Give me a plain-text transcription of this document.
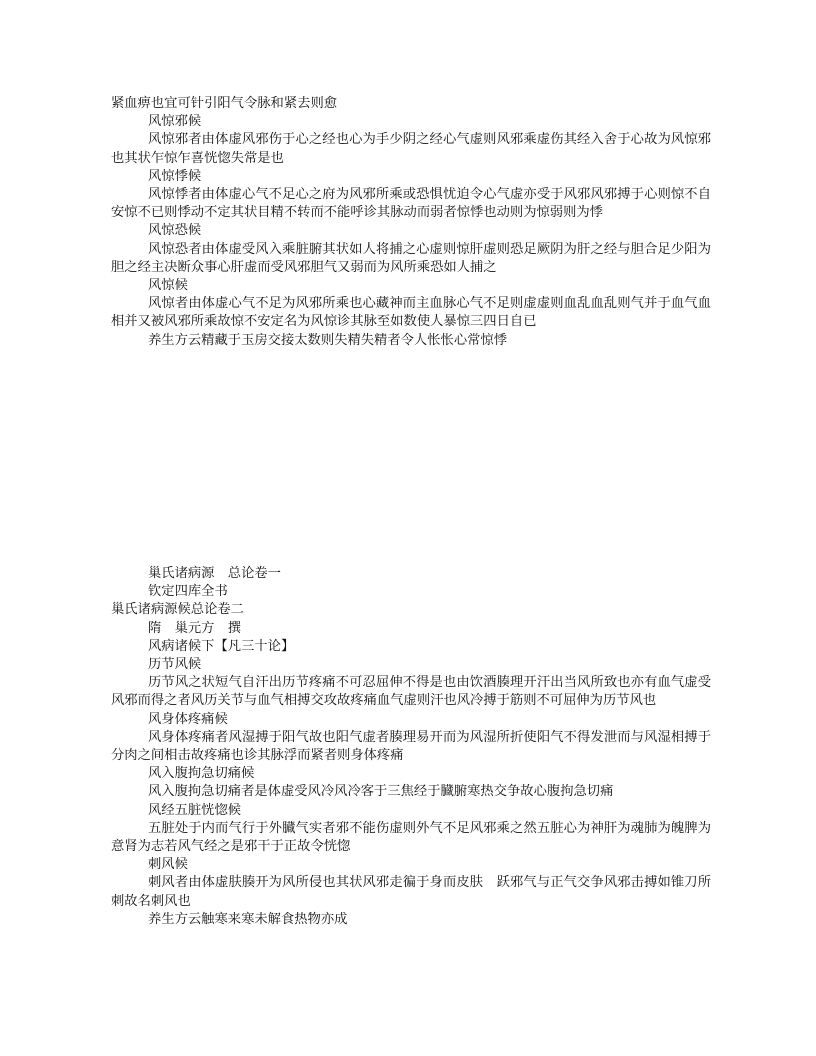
紧血痹也宜可针引阳气令脉和紧去则愈
风惊邪候
风惊邪者由体虚风邪伤于心之经也心为手少阴之经心气虚则风邪乘虚伤其经入舍于心故为风惊邪也其状乍惊乍喜恍惚失常是也
风惊悸候
风惊悸者由体虚心气不足心之府为风邪所乘或恐惧忧迫令心气虚亦受于风邪风邪搏于心则惊不自安惊不已则悸动不定其状目精不转而不能呼诊其脉动而弱者惊悸也动则为惊弱则为悸
风惊恐候
风惊恐者由体虚受风入乘脏腑其状如人将捕之心虚则惊肝虚则恐足厥阴为肝之经与胆合足少阳为胆之经主决断众事心肝虚而受风邪胆气又弱而为风所乘恐如人捕之
风惊候
风惊者由体虚心气不足为风邪所乘也心藏神而主血脉心气不足则虚虚则血乱血乱则气并于血气血相并又被风邪所乘故惊不安定名为风惊诊其脉至如数使人暴惊三四日自已
养生方云精藏于玉房交接太数则失精失精者令人怅怅心常惊悸
巢氏诸病源　总论卷一
钦定四库全书
巢氏诸病源候总论卷二
隋　巢元方　撰
风病诸候下【凡三十论】
历节风候
历节风之状短气自汗出历节疼痛不可忍屈伸不得是也由饮酒腠理开汗出当风所致也亦有血气虚受风邪而得之者风历关节与血气相搏交攻故疼痛血气虚则汗也风冷搏于筋则不可屈伸为历节风也
风身体疼痛候
风身体疼痛者风湿搏于阳气故也阳气虚者腠理易开而为风湿所折使阳气不得发泄而与风湿相搏于分肉之间相击故疼痛也诊其脉浮而紧者则身体疼痛
风入腹拘急切痛候
风入腹拘急切痛者是体虚受风冷风冷客于三焦经于臓腑寒热交争故心腹拘急切痛
风经五脏恍惚候
五脏处于内而气行于外臓气实者邪不能伤虚则外气不足风邪乘之然五脏心为神肝为魂肺为魄脾为意肾为志若风气经之是邪干于正故令恍惚
刺风候
刺风者由体虚肤腠开为风所侵也其状风邪走徧于身而皮肤　跃邪气与正气交争风邪击搏如锥刀所刺故名刺风也
养生方云触寒来寒未解食热物亦成
